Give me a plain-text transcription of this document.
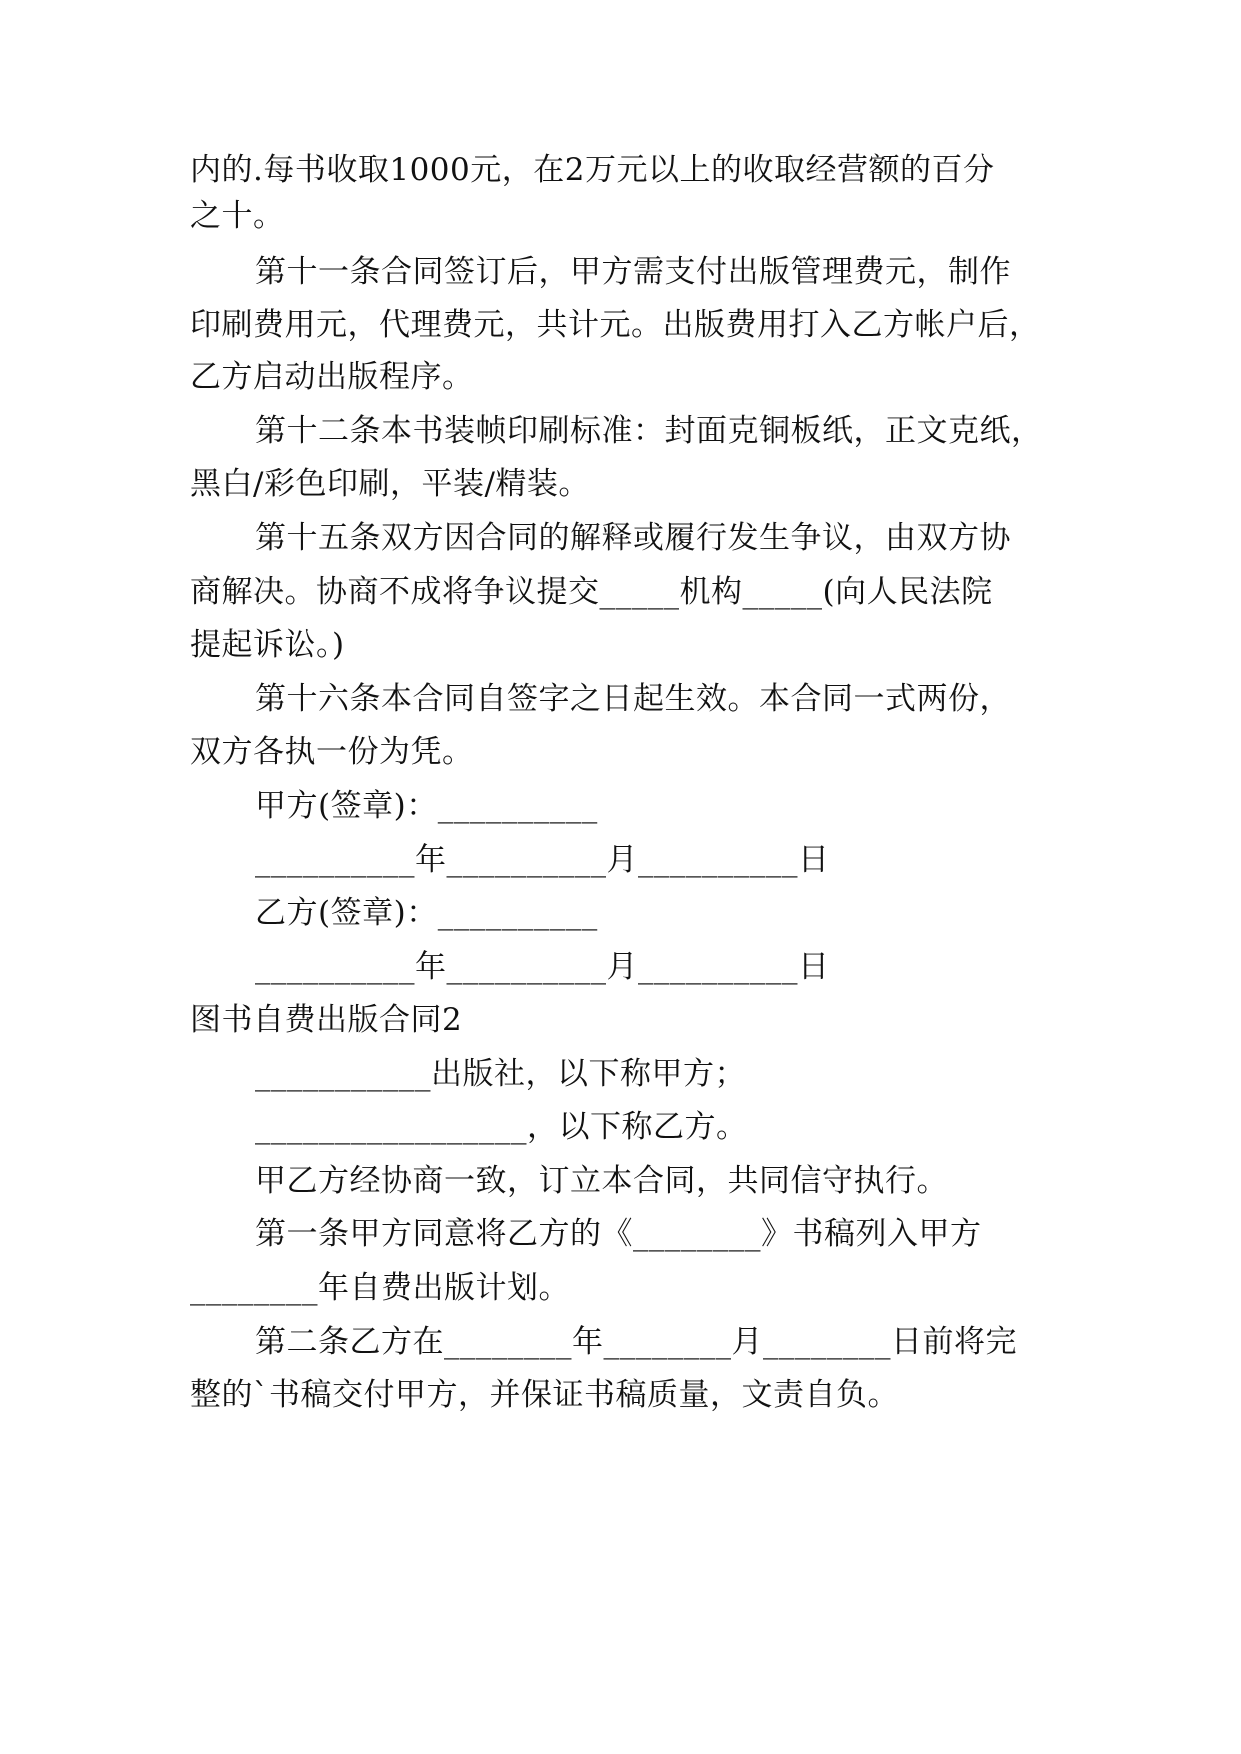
内的.每书收取1000元，在2万元以上的收取经营额的百分
之十。
第十一条合同签订后，甲方需支付出版管理费元，制作
印刷费用元，代理费元，共计元。出版费用打入乙方帐户后，
乙方启动出版程序。
第十二条本书装帧印刷标准：封面克铜板纸，正文克纸，
黑白/彩色印刷，平装/精装。
第十五条双方因合同的解释或履行发生争议，由双方协
商解决。协商不成将争议提交_____机构_____(向人民法院
提起诉讼。)
第十六条本合同自签字之日起生效。本合同一式两份，
双方各执一份为凭。
甲方(签章)：__________
__________年__________月__________日
乙方(签章)：__________
__________年__________月__________日
图书自费出版合同2
___________出版社，以下称甲方；
_________________，以下称乙方。
甲乙方经协商一致，订立本合同，共同信守执行。
第一条甲方同意将乙方的《________》书稿列入甲方
________年自费出版计划。
第二条乙方在________年________月________日前将完
整的`书稿交付甲方，并保证书稿质量，文责自负。
